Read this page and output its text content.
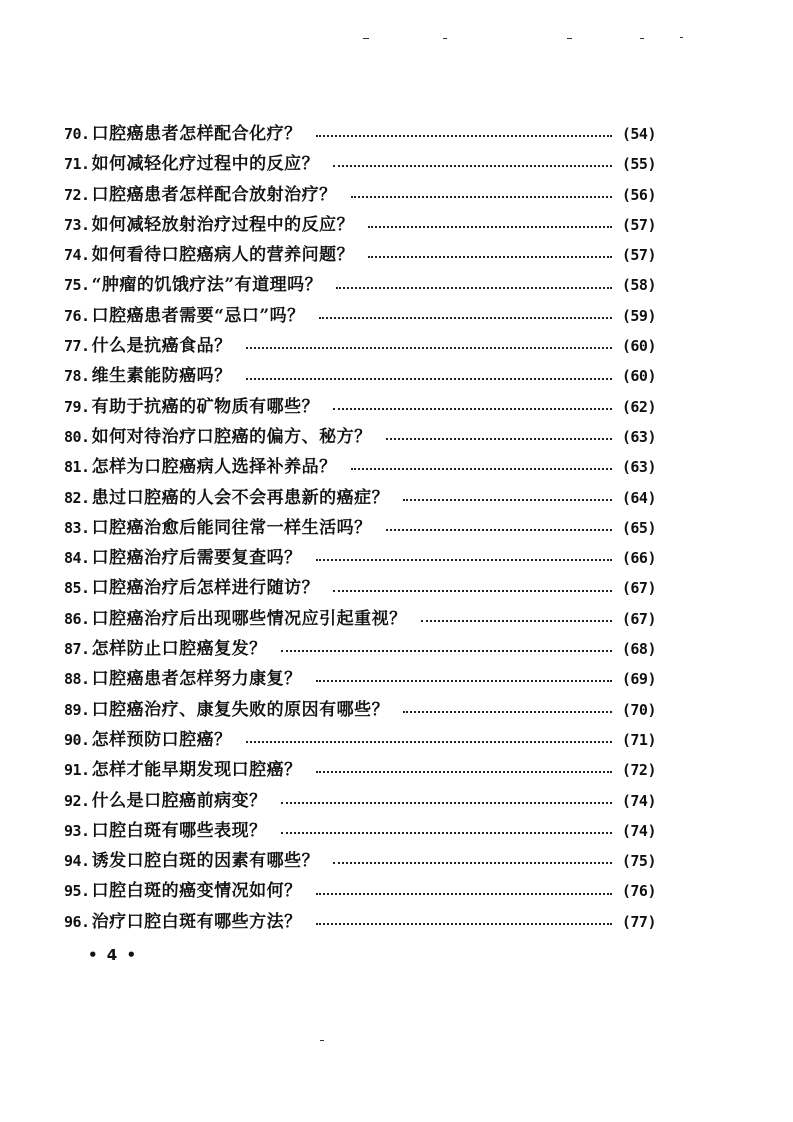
70. 口腔癌患者怎样配合化疗？	(54)
71. 如何减轻化疗过程中的反应？	(55)
72. 口腔癌患者怎样配合放射治疗？	(56)
73. 如何减轻放射治疗过程中的反应？	(57)
74. 如何看待口腔癌病人的营养问题？	(57)
75. “肿瘤的饥饿疗法”有道理吗？	(58)
76. 口腔癌患者需要“忌口”吗？	(59)
77. 什么是抗癌食品？	(60)
78. 维生素能防癌吗？	(60)
79. 有助于抗癌的矿物质有哪些？	(62)
80. 如何对待治疗口腔癌的偏方、秘方？	(63)
81. 怎样为口腔癌病人选择补养品？	(63)
82. 患过口腔癌的人会不会再患新的癌症？	(64)
83. 口腔癌治愈后能同往常一样生活吗？	(65)
84. 口腔癌治疗后需要复查吗？	(66)
85. 口腔癌治疗后怎样进行随访？	(67)
86. 口腔癌治疗后出现哪些情况应引起重视？	(67)
87. 怎样防止口腔癌复发？	(68)
88. 口腔癌患者怎样努力康复？	(69)
89. 口腔癌治疗、康复失败的原因有哪些？	(70)
90. 怎样预防口腔癌？	(71)
91. 怎样才能早期发现口腔癌？	(72)
92. 什么是口腔癌前病变？	(74)
93. 口腔白斑有哪些表现？	(74)
94. 诱发口腔白斑的因素有哪些？	(75)
95. 口腔白斑的癌变情况如何？	(76)
96. 治疗口腔白斑有哪些方法？	(77)
• 4 •
